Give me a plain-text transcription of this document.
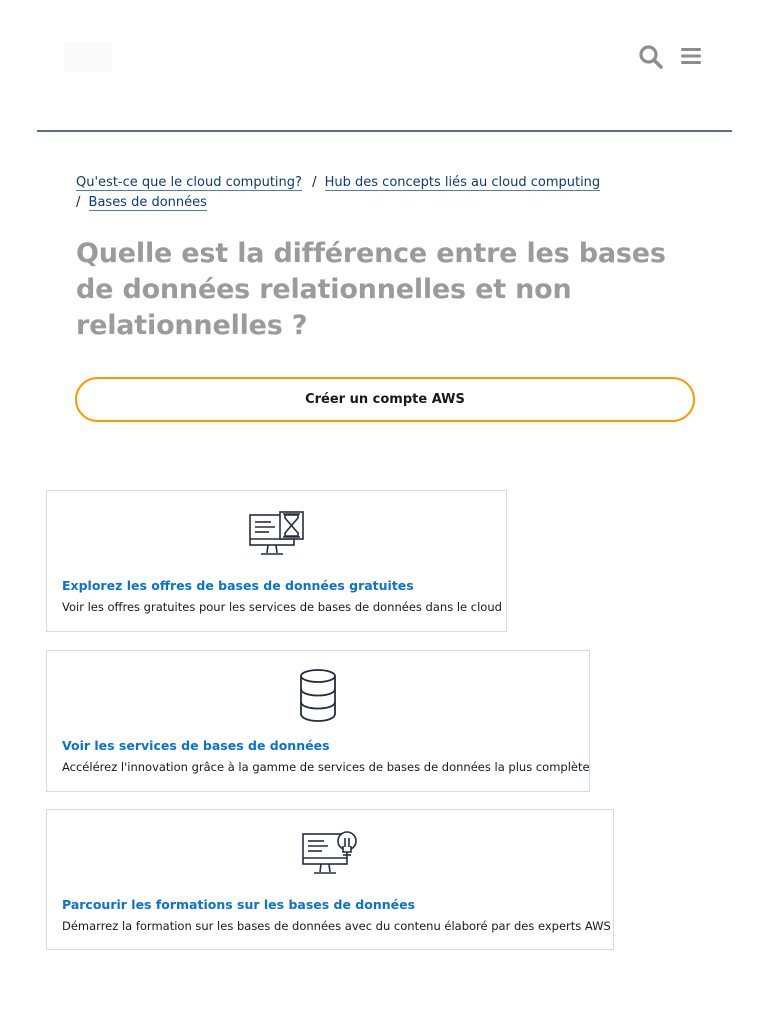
Qu'est-ce que le cloud computing? / Hub des concepts liés au cloud computing
/ Bases de données
Quelle est la différence entre les bases de données relationnelles et non relationnelles ?
Créer un compte AWS
Explorez les offres de bases de données gratuites
Voir les offres gratuites pour les services de bases de données dans le cloud
Voir les services de bases de données
Accélérez l'innovation grâce à la gamme de services de bases de données la plus complète
Parcourir les formations sur les bases de données
Démarrez la formation sur les bases de données avec du contenu élaboré par des experts AWS
